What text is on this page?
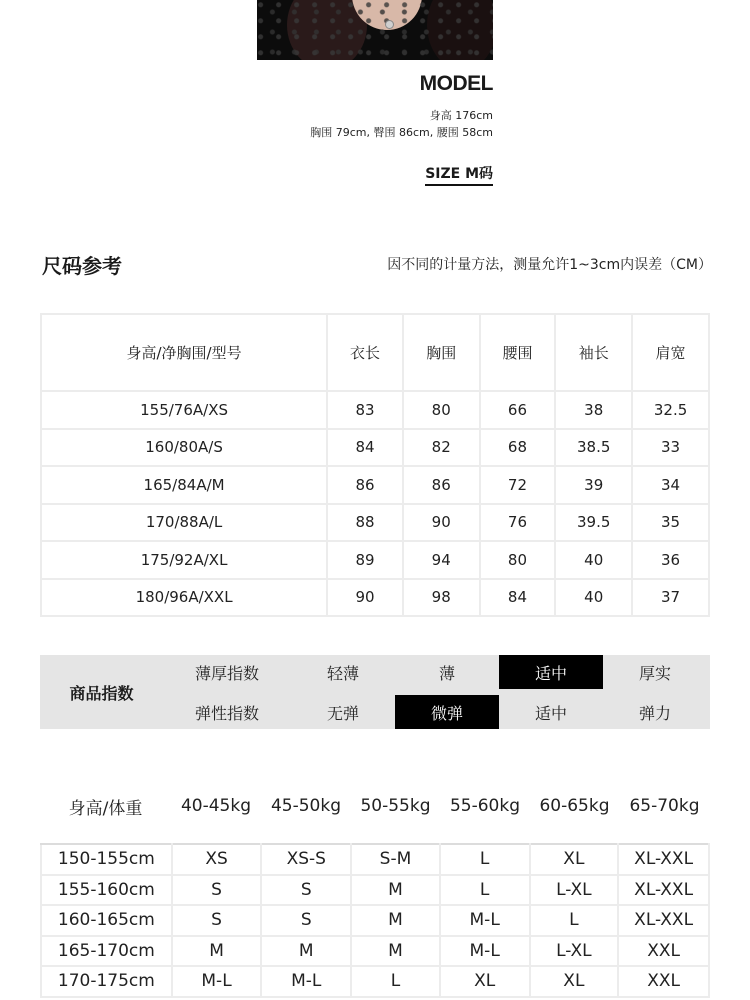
MODEL
身高 176cm
胸围 79cm, 臀围 86cm, 腰围 58cm
SIZE M码
尺码参考	因不同的计量方法，测量允许1~3cm内误差（CM）
身高/净胸围/型号	衣长	胸围	腰围	袖长	肩宽
155/76A/XS	83	80	66	38	32.5
160/80A/S	84	82	68	38.5	33
165/84A/M	86	86	72	39	34
170/88A/L	88	90	76	39.5	35
175/92A/XL	89	94	80	40	36
180/96A/XXL	90	98	84	40	37
商品指数
薄厚指数	轻薄	薄	适中	厚实
弹性指数	无弹	微弹	适中	弹力
身高/体重	40-45kg	45-50kg	50-55kg	55-60kg	60-65kg	65-70kg
150-155cm	XS	XS-S	S-M	L	XL	XL-XXL
155-160cm	S	S	M	L	L-XL	XL-XXL
160-165cm	S	S	M	M-L	L	XL-XXL
165-170cm	M	M	M	M-L	L-XL	XXL
170-175cm	M-L	M-L	L	XL	XL	XXL
